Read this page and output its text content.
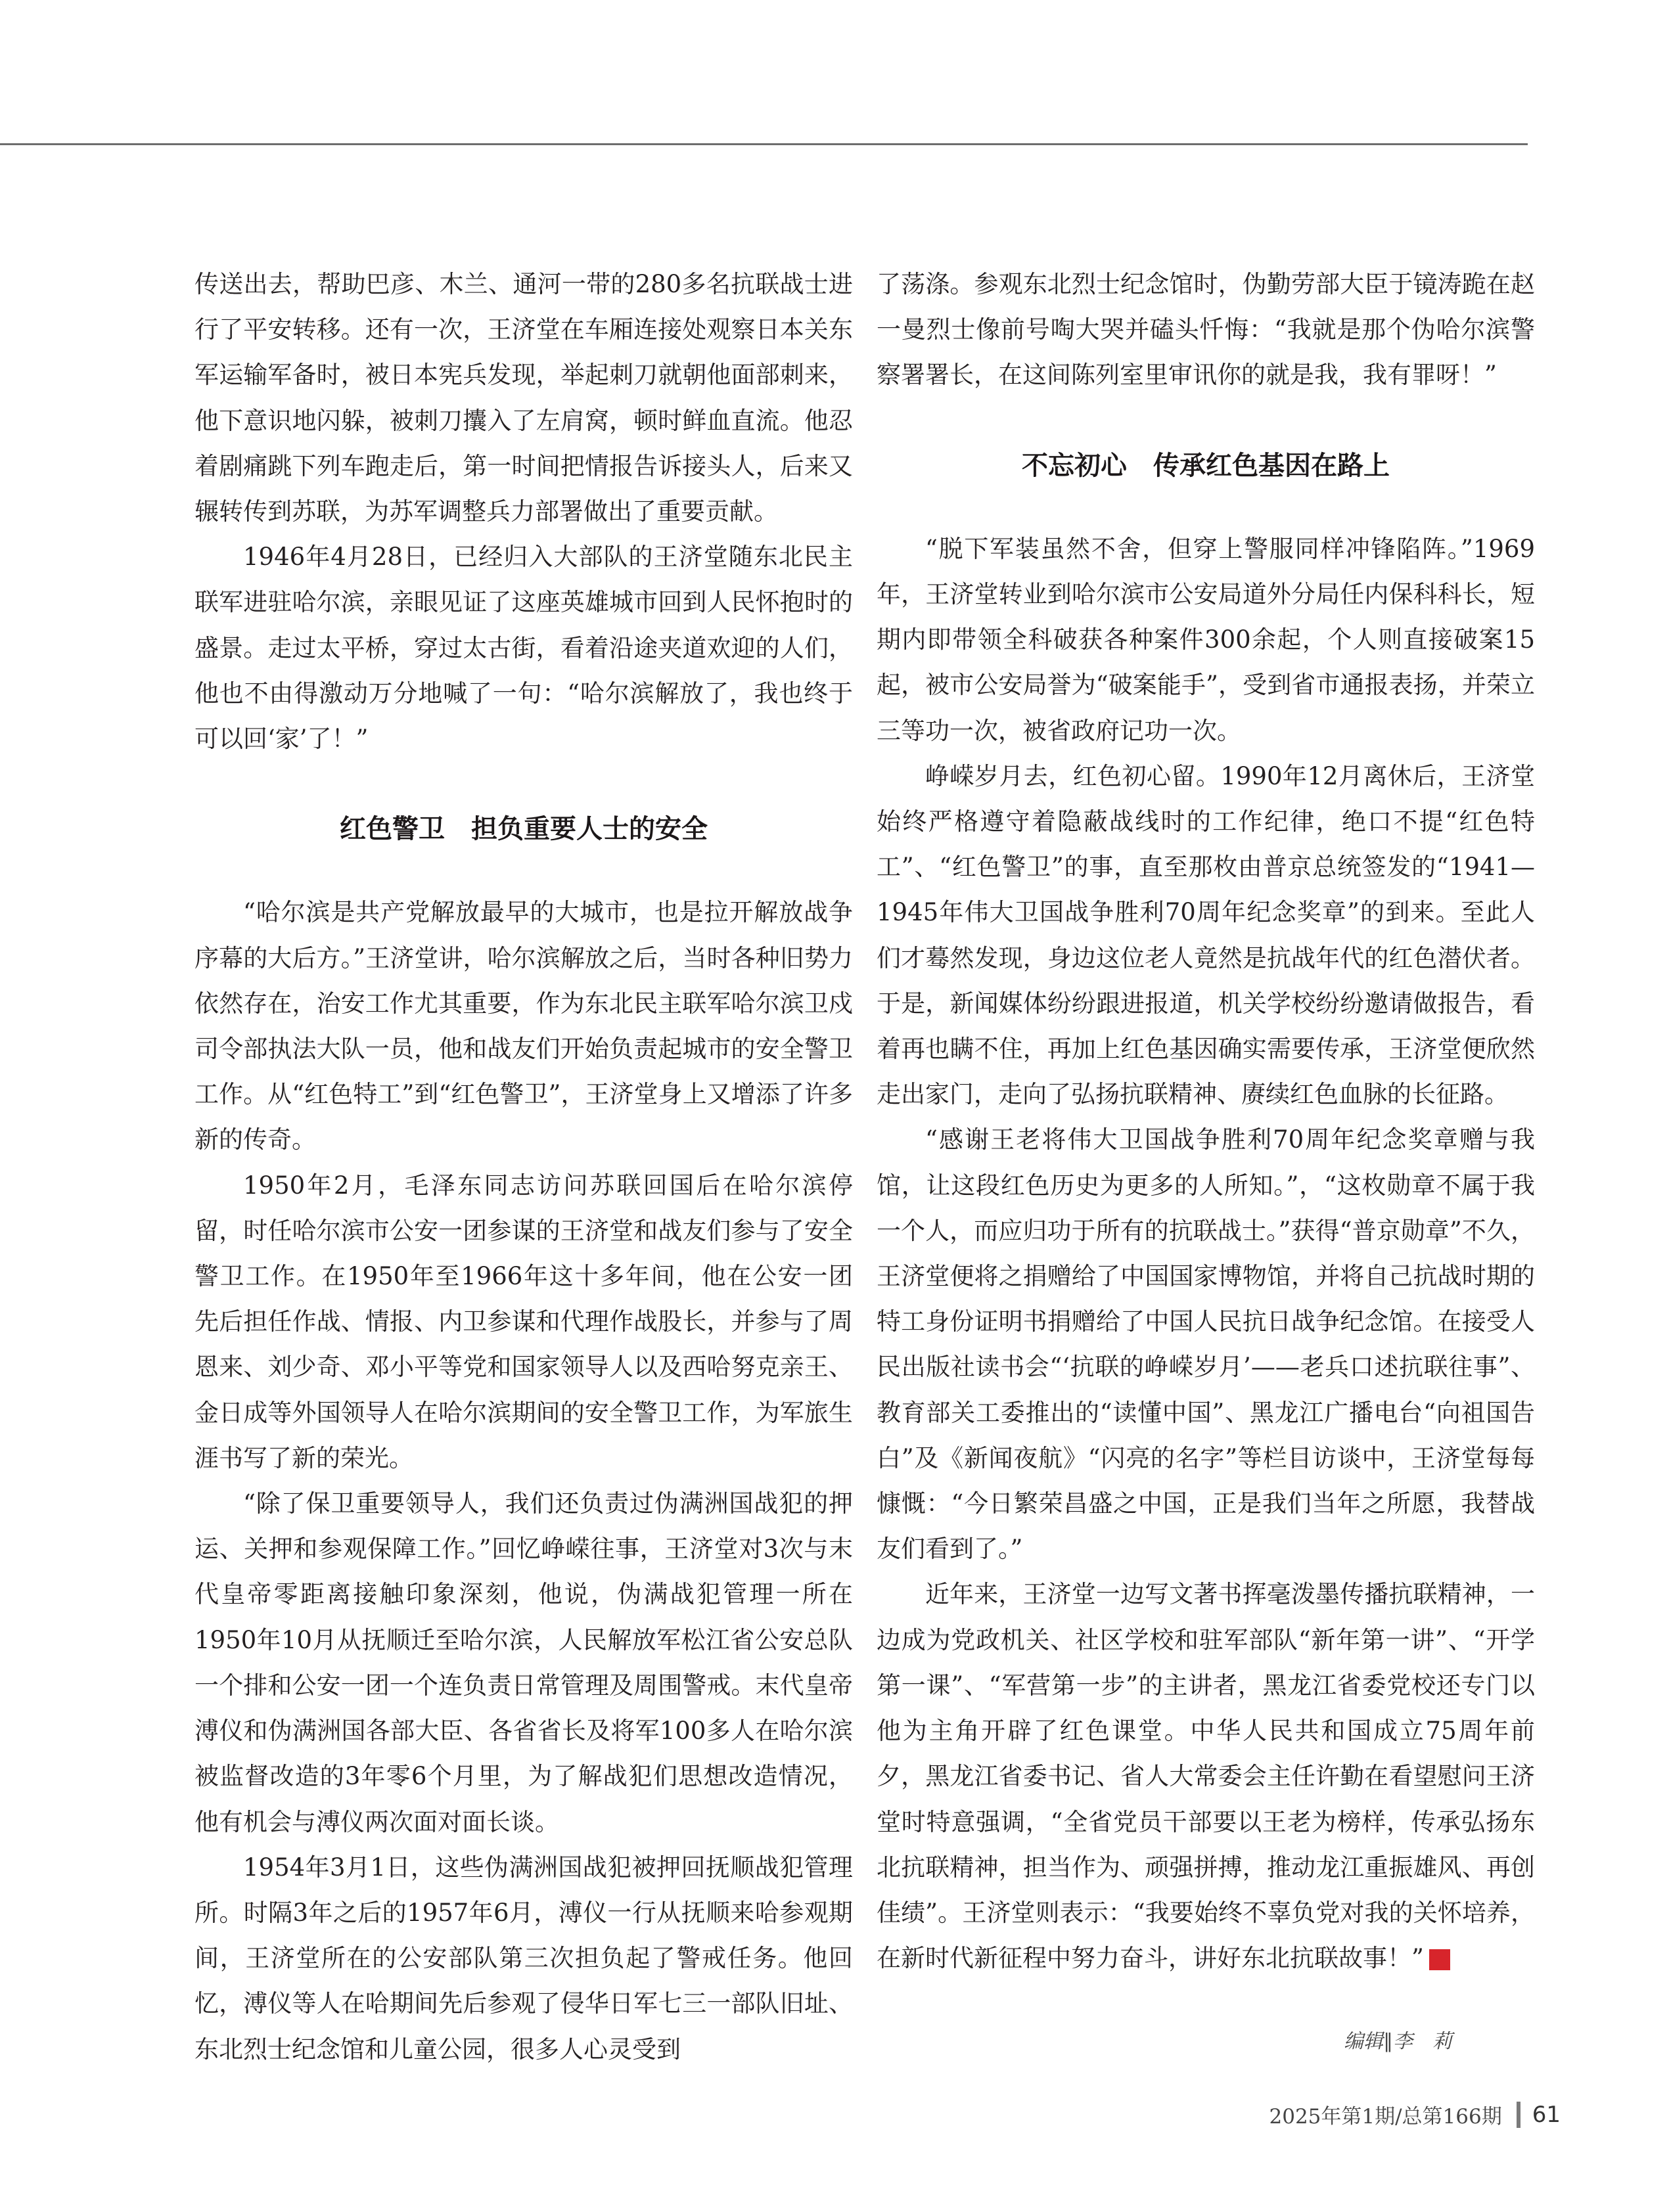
传送出去，帮助巴彦、木兰、通河一带的280多名抗联战士进行了平安转移。还有一次，王济堂在车厢连接处观察日本关东军运输军备时，被日本宪兵发现，举起刺刀就朝他面部刺来，他下意识地闪躲，被刺刀攮入了左肩窝，顿时鲜血直流。他忍着剧痛跳下列车跑走后，第一时间把情报告诉接头人，后来又辗转传到苏联，为苏军调整兵力部署做出了重要贡献。

1946年4月28日，已经归入大部队的王济堂随东北民主联军进驻哈尔滨，亲眼见证了这座英雄城市回到人民怀抱时的盛景。走过太平桥，穿过太古街，看着沿途夹道欢迎的人们，他也不由得激动万分地喊了一句：“哈尔滨解放了，我也终于可以回‘家’了！”

红色警卫　担负重要人士的安全

“哈尔滨是共产党解放最早的大城市，也是拉开解放战争序幕的大后方。”王济堂讲，哈尔滨解放之后，当时各种旧势力依然存在，治安工作尤其重要，作为东北民主联军哈尔滨卫戍司令部执法大队一员，他和战友们开始负责起城市的安全警卫工作。从“红色特工”到“红色警卫”，王济堂身上又增添了许多新的传奇。

1950年2月，毛泽东同志访问苏联回国后在哈尔滨停留，时任哈尔滨市公安一团参谋的王济堂和战友们参与了安全警卫工作。在1950年至1966年这十多年间，他在公安一团先后担任作战、情报、内卫参谋和代理作战股长，并参与了周恩来、刘少奇、邓小平等党和国家领导人以及西哈努克亲王、金日成等外国领导人在哈尔滨期间的安全警卫工作，为军旅生涯书写了新的荣光。

“除了保卫重要领导人，我们还负责过伪满洲国战犯的押运、关押和参观保障工作。”回忆峥嵘往事，王济堂对3次与末代皇帝零距离接触印象深刻，他说，伪满战犯管理一所在1950年10月从抚顺迁至哈尔滨，人民解放军松江省公安总队一个排和公安一团一个连负责日常管理及周围警戒。末代皇帝溥仪和伪满洲国各部大臣、各省省长及将军100多人在哈尔滨被监督改造的3年零6个月里，为了解战犯们思想改造情况，他有机会与溥仪两次面对面长谈。

1954年3月1日，这些伪满洲国战犯被押回抚顺战犯管理所。时隔3年之后的1957年6月，溥仪一行从抚顺来哈参观期间，王济堂所在的公安部队第三次担负起了警戒任务。他回忆，溥仪等人在哈期间先后参观了侵华日军七三一部队旧址、东北烈士纪念馆和儿童公园，很多人心灵受到

了荡涤。参观东北烈士纪念馆时，伪勤劳部大臣于镜涛跪在赵一曼烈士像前号啕大哭并磕头忏悔：“我就是那个伪哈尔滨警察署署长，在这间陈列室里审讯你的就是我，我有罪呀！”

不忘初心　传承红色基因在路上

“脱下军装虽然不舍，但穿上警服同样冲锋陷阵。”1969年，王济堂转业到哈尔滨市公安局道外分局任内保科科长，短期内即带领全科破获各种案件300余起，个人则直接破案15起，被市公安局誉为“破案能手”，受到省市通报表扬，并荣立三等功一次，被省政府记功一次。

峥嵘岁月去，红色初心留。1990年12月离休后，王济堂始终严格遵守着隐蔽战线时的工作纪律，绝口不提“红色特工”、“红色警卫”的事，直至那枚由普京总统签发的“1941—1945年伟大卫国战争胜利70周年纪念奖章”的到来。至此人们才蓦然发现，身边这位老人竟然是抗战年代的红色潜伏者。于是，新闻媒体纷纷跟进报道，机关学校纷纷邀请做报告，看着再也瞒不住，再加上红色基因确实需要传承，王济堂便欣然走出家门，走向了弘扬抗联精神、赓续红色血脉的长征路。

“感谢王老将伟大卫国战争胜利70周年纪念奖章赠与我馆，让这段红色历史为更多的人所知。”，“这枚勋章不属于我一个人，而应归功于所有的抗联战士。”获得“普京勋章”不久，王济堂便将之捐赠给了中国国家博物馆，并将自己抗战时期的特工身份证明书捐赠给了中国人民抗日战争纪念馆。在接受人民出版社读书会“‘抗联的峥嵘岁月’——老兵口述抗联往事”、教育部关工委推出的“读懂中国”、黑龙江广播电台“向祖国告白”及《新闻夜航》“闪亮的名字”等栏目访谈中，王济堂每每慷慨：“今日繁荣昌盛之中国，正是我们当年之所愿，我替战友们看到了。”

近年来，王济堂一边写文著书挥毫泼墨传播抗联精神，一边成为党政机关、社区学校和驻军部队“新年第一讲”、“开学第一课”、“军营第一步”的主讲者，黑龙江省委党校还专门以他为主角开辟了红色课堂。中华人民共和国成立75周年前夕，黑龙江省委书记、省人大常委会主任许勤在看望慰问王济堂时特意强调，“全省党员干部要以王老为榜样，传承弘扬东北抗联精神，担当作为、顽强拼搏，推动龙江重振雄风、再创佳绩”。王济堂则表示：“我要始终不辜负党对我的关怀培养，在新时代新征程中努力奋斗，讲好东北抗联故事！”	G

编辑∥李　莉
2025年第1期/总第166期 61
